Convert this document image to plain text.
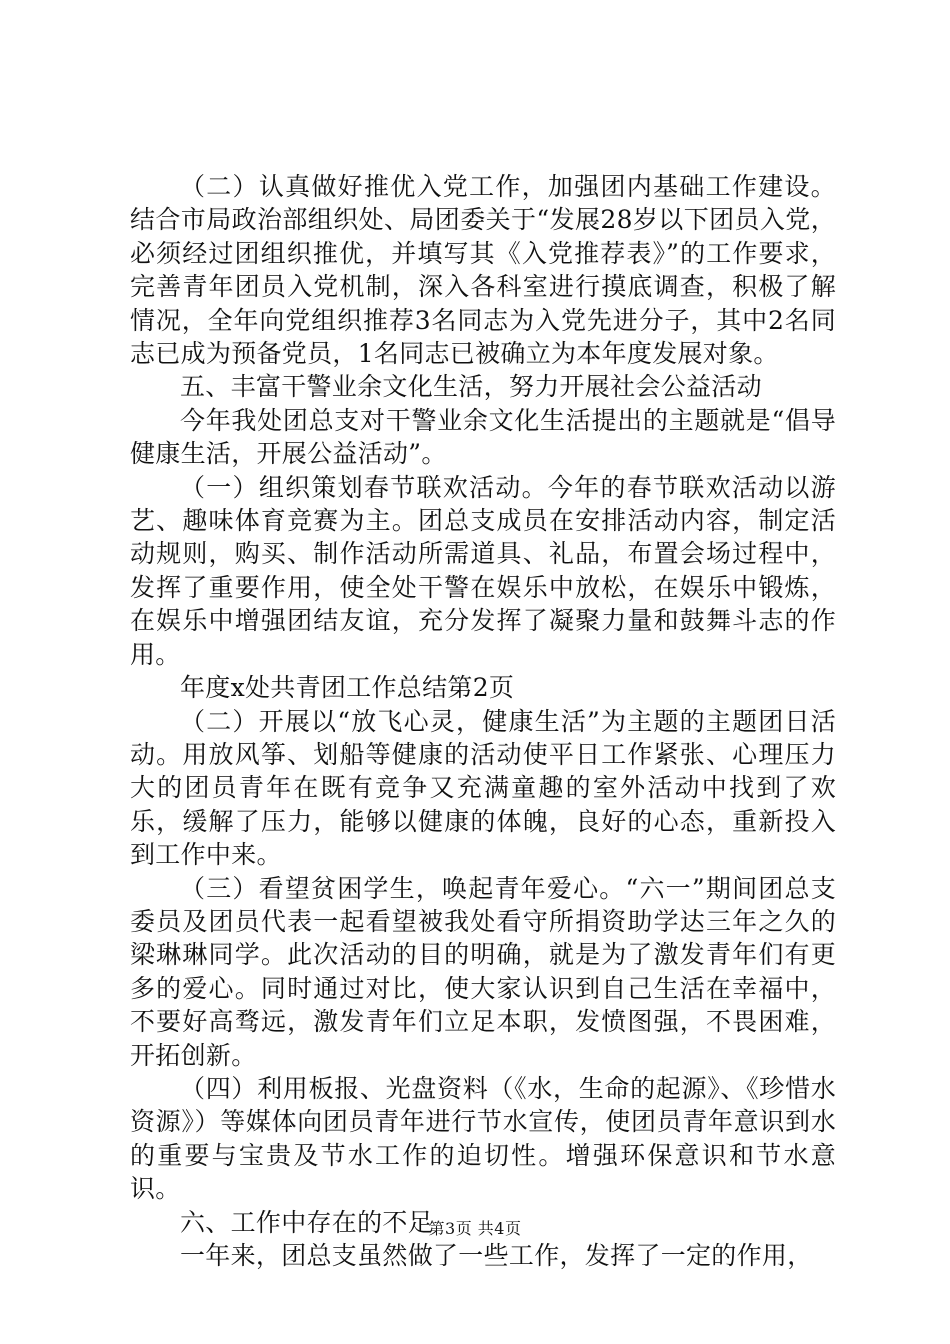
（二）认真做好推优入党工作，加强团内基础工作建设。结合市局政治部组织处、局团委关于“发展28岁以下团员入党，必须经过团组织推优，并填写其《入党推荐表》”的工作要求，完善青年团员入党机制，深入各科室进行摸底调查，积极了解情况，全年向党组织推荐3名同志为入党先进分子，其中2名同志已成为预备党员，1名同志已被确立为本年度发展对象。

五、丰富干警业余文化生活，努力开展社会公益活动

今年我处团总支对干警业余文化生活提出的主题就是“倡导健康生活，开展公益活动”。

（一）组织策划春节联欢活动。今年的春节联欢活动以游艺、趣味体育竞赛为主。团总支成员在安排活动内容，制定活动规则，购买、制作活动所需道具、礼品，布置会场过程中，发挥了重要作用，使全处干警在娱乐中放松，在娱乐中锻炼，在娱乐中增强团结友谊，充分发挥了凝聚力量和鼓舞斗志的作用。

年度x处共青团工作总结第2页

（二）开展以“放飞心灵，健康生活”为主题的主题团日活动。用放风筝、划船等健康的活动使平日工作紧张、心理压力大的团员青年在既有竞争又充满童趣的室外活动中找到了欢乐，缓解了压力，能够以健康的体魄，良好的心态，重新投入到工作中来。

（三）看望贫困学生，唤起青年爱心。“六一”期间团总支委员及团员代表一起看望被我处看守所捐资助学达三年之久的梁琳琳同学。此次活动的目的明确，就是为了激发青年们有更多的爱心。同时通过对比，使大家认识到自己生活在幸福中，不要好高骛远，激发青年们立足本职，发愤图强，不畏困难，开拓创新。

（四）利用板报、光盘资料（《水，生命的起源》、《珍惜水资源》）等媒体向团员青年进行节水宣传，使团员青年意识到水的重要与宝贵及节水工作的迫切性。增强环保意识和节水意识。

六、工作中存在的不足

一年来，团总支虽然做了一些工作，发挥了一定的作用，

第3页 共4页
